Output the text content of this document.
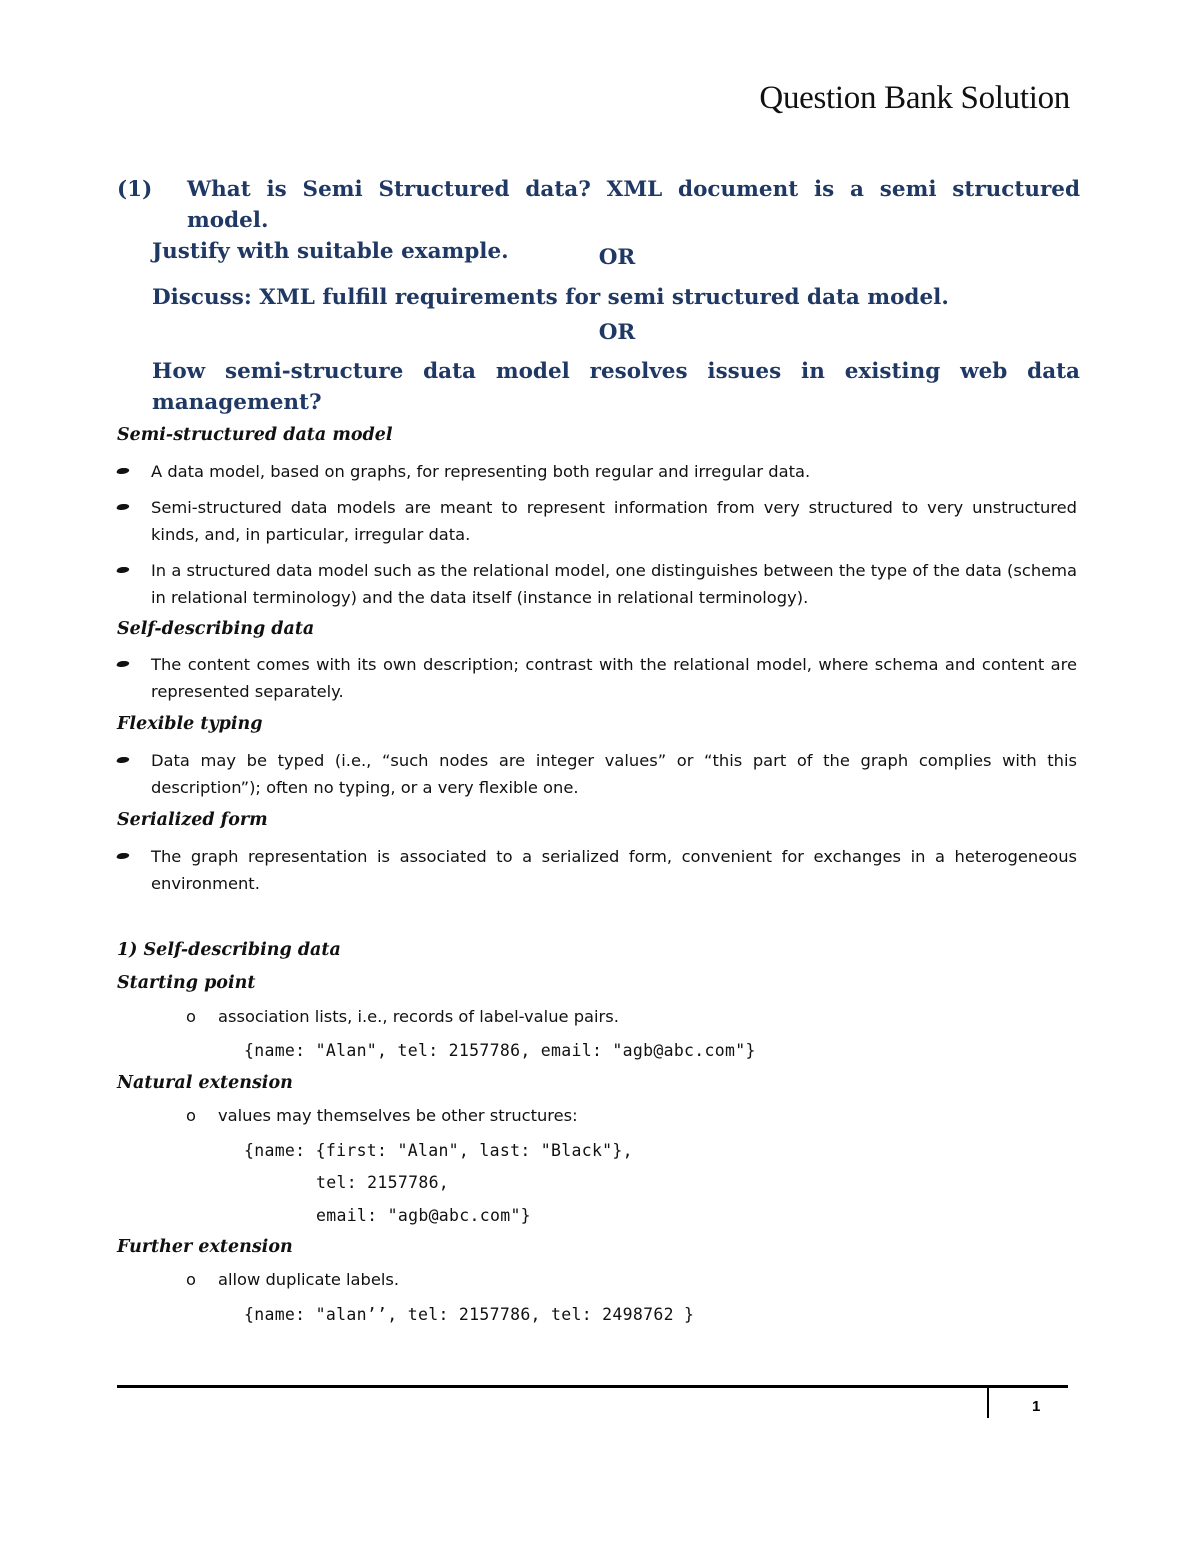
Question Bank Solution
(1) What is Semi Structured data? XML document is a semi structured model.
Justify with suitable example.	OR
Discuss: XML fulfill requirements for semi structured data model.
OR
How semi-structure data model resolves issues in existing web data
management?
Semi-structured data model
A data model, based on graphs, for representing both regular and irregular data.
Semi-structured data models are meant to represent information from very structured to very unstructured kinds, and, in particular, irregular data.
In a structured data model such as the relational model, one distinguishes between the type of the data (schema in relational terminology) and the data itself (instance in relational terminology).
Self-describing data
The content comes with its own description; contrast with the relational model, where schema and content are represented separately.
Flexible typing
Data may be typed (i.e., “such nodes are integer values” or “this part of the graph complies with this description”); often no typing, or a very flexible one.
Serialized form
The graph representation is associated to a serialized form, convenient for exchanges in a heterogeneous environment.
1) Self-describing data
Starting point
o association lists, i.e., records of label-value pairs.
{name: "Alan", tel: 2157786, email: "agb@abc.com"}
Natural extension
o values may themselves be other structures:
{name: {first: "Alan", last: "Black"},
tel: 2157786,
email: "agb@abc.com"}
Further extension
o allow duplicate labels.
{name: "alan’’, tel: 2157786, tel: 2498762 }
1
